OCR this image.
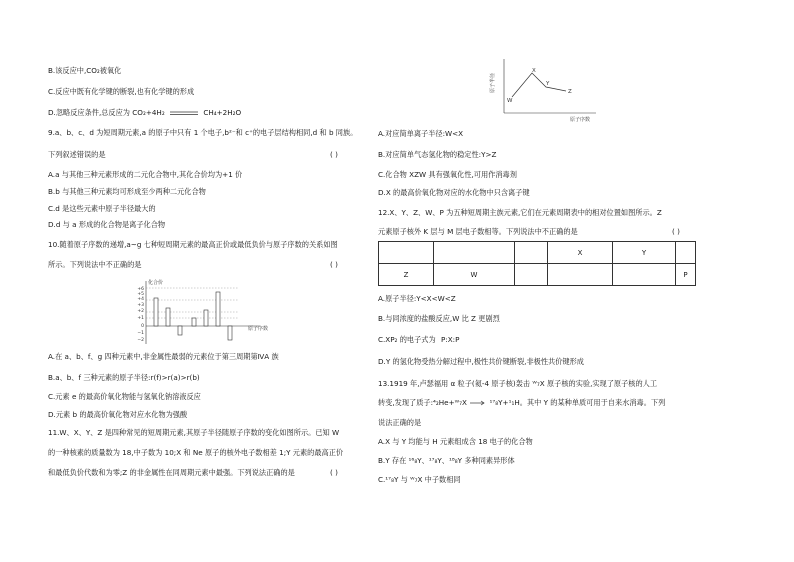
B.该反应中,CO₂被氧化
C.反应中既有化学键的断裂,也有化学键的形成
D.忽略反应条件,总反应为 CO₂+4H₂	CH₄+2H₂O
9.a、b、c、d 为短周期元素,a 的原子中只有 1 个电子,b²⁻和 c⁺的电子层结构相同,d 和 b 同族。
下列叙述错误的是	( )
A.a 与其他三种元素形成的二元化合物中,其化合价均为+1 价
B.b 与其他三种元素均可形成至少两种二元化合物
C.d 是这些元素中原子半径最大的
D.d 与 a 形成的化合物是离子化合物
10.随着原子序数的递增,a~g 七种短周期元素的最高正价或最低负价与原子序数的关系如图
所示。下列说法中不正确的是	( )
化合价
原子序数
+6
+5
+4
+3
+2
+1
0
−1
−2
A.在 a、b、f、g 四种元素中,非金属性最弱的元素位于第三周期第ⅣA 族
B.a、b、f 三种元素的原子半径:r(f)>r(a)>r(b)
C.元素 e 的最高价氧化物能与氢氧化钠溶液反应
D.元素 b 的最高价氧化物对应水化物为强酸
11.W、X、Y、Z 是四种常见的短周期元素,其原子半径随原子序数的变化如图所示。已知 W
的一种核素的质量数为 18,中子数为 10;X 和 Ne 原子的核外电子数相差 1;Y 元素的最高正价
和最低负价代数和为零;Z 的非金属性在同周期元素中最强。下列说法正确的是	( )
原子半径
原子序数
W
X
Y
Z
A.对应简单离子半径:W<X
B.对应简单气态氢化物的稳定性:Y>Z
C.化合物 XZW 具有强氧化性,可用作消毒剂
D.X 的最高价氧化物对应的水化物中只含离子键
12.X、Y、Z、W、P 为五种短周期主族元素,它们在元素周期表中的相对位置如图所示。Z
元素原子核外 K 层与 M 层电子数相等。下列说法中不正确的是	( )
			X	Y	
Z	W				P
A.原子半径:Y<X<W<Z
B.与同浓度的盐酸反应,W 比 Z 更剧烈
C.XP₂ 的电子式为 P:X:P
D.Y 的氢化物受热分解过程中,极性共价键断裂,非极性共价键形成
13.1919 年,卢瑟福用 α 粒子(氦-4 原子核)轰击 ᵂ₇X 原子核的实验,实现了原子核的人工
转变,发现了质子:⁴₂He+ᵂ₇X → ¹⁷₈Y+¹₁H。其中 Y 的某种单质可用于自来水消毒。下列
说法正确的是
A.X 与 Y 均能与 H 元素组成含 18 电子的化合物
B.Y 存在 ¹⁶₈Y、¹⁷₈Y、¹⁸₈Y 多种同素异形体
C.¹⁷₈Y 与 ᵂ₇X 中子数相同
